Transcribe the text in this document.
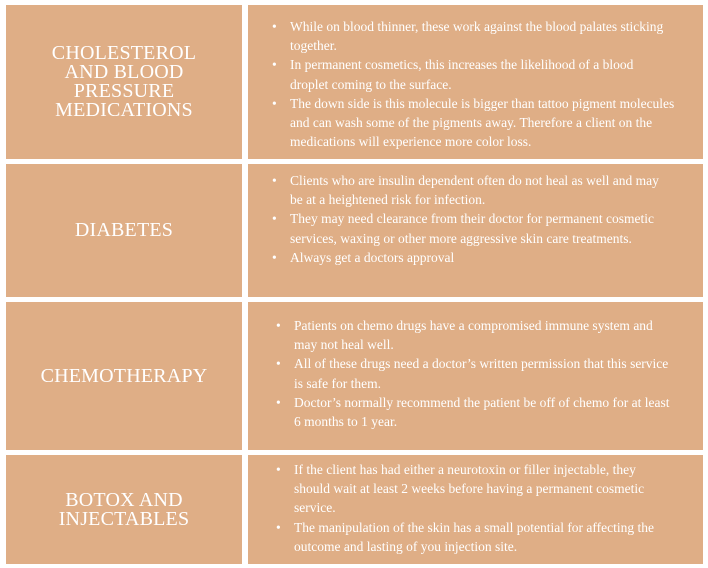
CHOLESTEROL AND BLOOD PRESSURE MEDICATIONS
• While on blood thinner, these work against the blood palates sticking together.
• In permanent cosmetics, this increases the likelihood of a blood droplet coming to the surface.
• The down side is this molecule is bigger than tattoo pigment molecules and can wash some of the pigments away. Therefore a client on the medications will experience more color loss.
DIABETES
• Clients who are insulin dependent often do not heal as well and may be at a heightened risk for infection.
• They may need clearance from their doctor for permanent cosmetic services, waxing or other more aggressive skin care treatments.
• Always get a doctors approval
CHEMOTHERAPY
• Patients on chemo drugs have a compromised immune system and may not heal well.
• All of these drugs need a doctor’s written permission that this service is safe for them.
• Doctor’s normally recommend the patient be off of chemo for at least 6 months to 1 year.
BOTOX AND INJECTABLES
• If the client has had either a neurotoxin or filler injectable, they should wait at least 2 weeks before having a permanent cosmetic service.
• The manipulation of the skin has a small potential for affecting the outcome and lasting of you injection site.
